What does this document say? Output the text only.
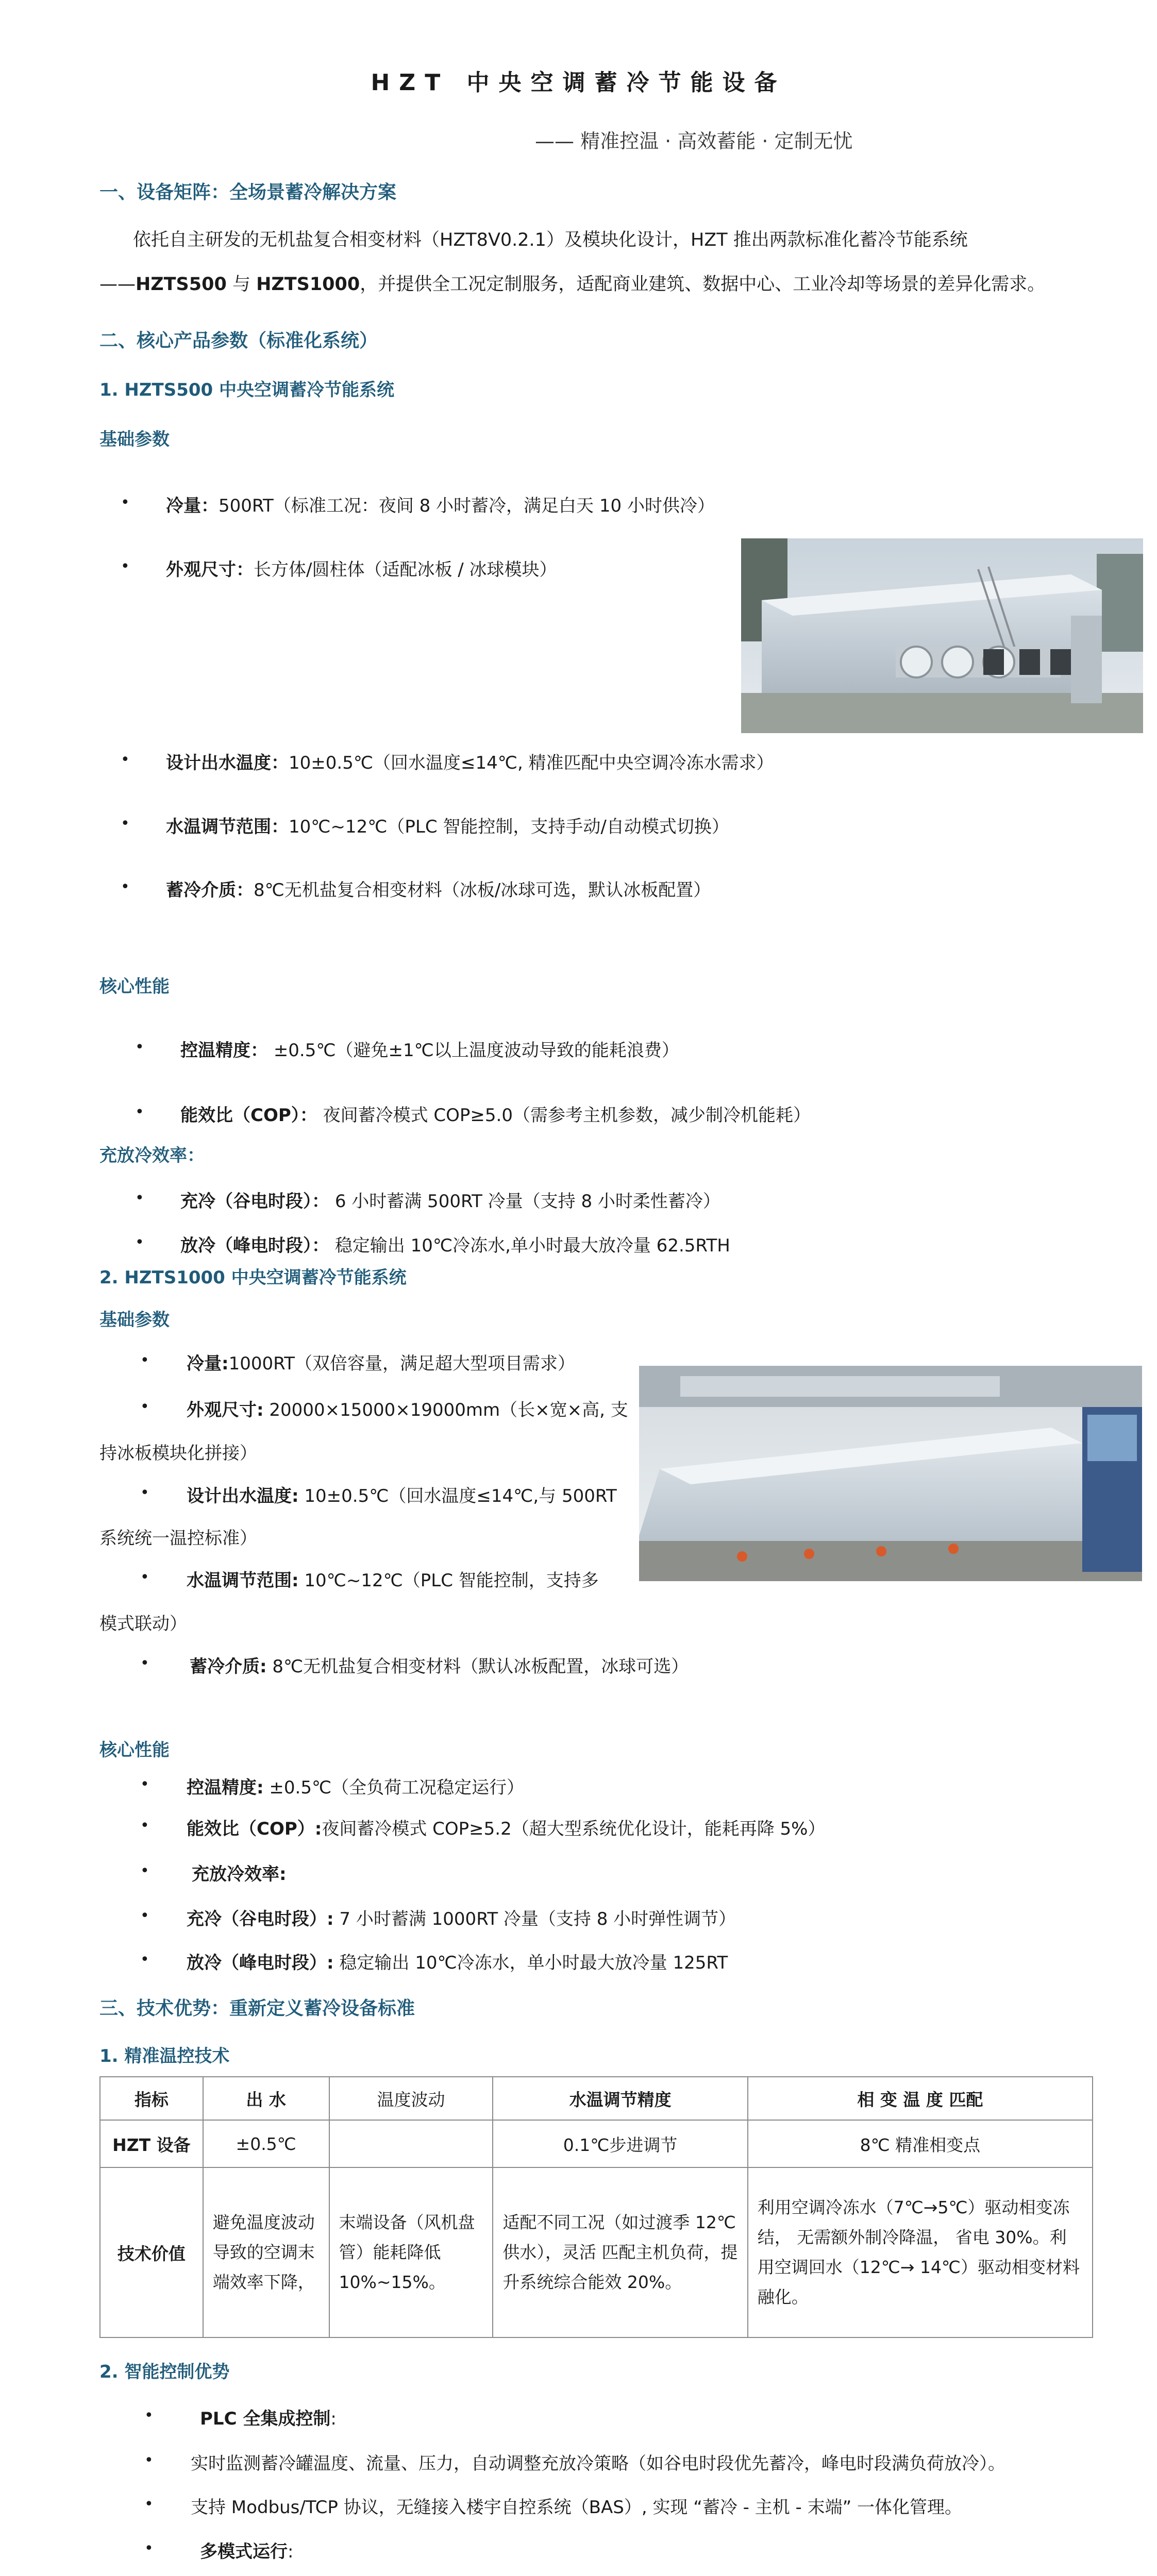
HZT 中央空调蓄冷节能设备
—— 精准控温 · 高效蓄能 · 定制无忧
一、设备矩阵：全场景蓄冷解决方案
依托自主研发的无机盐复合相变材料（HZT8V0.2.1）及模块化设计，HZT 推出两款标准化蓄冷节能系统
——HZTS500 与 HZTS1000，并提供全工况定制服务，适配商业建筑、数据中心、工业冷却等场景的差异化需求。
二、核心产品参数（标准化系统）
1. HZTS500 中央空调蓄冷节能系统
基础参数
• 冷量：500RT（标准工况：夜间 8 小时蓄冷，满足白天 10 小时供冷）
• 外观尺寸：长方体/圆柱体（适配冰板 / 冰球模块）
• 设计出水温度：10±0.5℃（回水温度≤14℃, 精准匹配中央空调冷冻水需求）
• 水温调节范围：10℃~12℃（PLC 智能控制，支持手动/自动模式切换）
• 蓄冷介质：8℃无机盐复合相变材料（冰板/冰球可选，默认冰板配置）
核心性能
• 控温精度： ±0.5℃（避免±1℃以上温度波动导致的能耗浪费）
• 能效比（COP）： 夜间蓄冷模式 COP≥5.0（需参考主机参数，减少制冷机能耗）
充放冷效率：
• 充冷（谷电时段）： 6 小时蓄满 500RT 冷量（支持 8 小时柔性蓄冷）
• 放冷（峰电时段）： 稳定输出 10℃冷冻水,单小时最大放冷量 62.5RTH
2. HZTS1000 中央空调蓄冷节能系统
基础参数
• 冷量:1000RT（双倍容量，满足超大型项目需求）
• 外观尺寸: 20000×15000×19000mm（长×宽×高, 支
持冰板模块化拼接）
• 设计出水温度: 10±0.5℃（回水温度≤14℃,与 500RT
系统统一温控标准）
• 水温调节范围: 10℃~12℃（PLC 智能控制，支持多
模式联动）
• 蓄冷介质: 8℃无机盐复合相变材料（默认冰板配置，冰球可选）
核心性能
• 控温精度: ±0.5℃（全负荷工况稳定运行）
• 能效比（COP）:夜间蓄冷模式 COP≥5.2（超大型系统优化设计，能耗再降 5%）
• 充放冷效率:
• 充冷（谷电时段）: 7 小时蓄满 1000RT 冷量（支持 8 小时弹性调节）
• 放冷（峰电时段）: 稳定输出 10℃冷冻水，单小时最大放冷量 125RT
三、技术优势：重新定义蓄冷设备标准
1. 精准温控技术
指标	出 水	温度波动	水温调节精度	相 变 温 度 匹配
HZT 设备	±0.5℃		0.1℃步进调节	8℃ 精准相变点
技术价值	避免温度波动导致的空调末端效率下降，	末端设备（风机盘管）能耗降低 10%~15%。	适配不同工况（如过渡季 12℃供水），灵活 匹配主机负荷，提升系统综合能效 20%。	利用空调冷冻水（7℃→5℃）驱动相变冻结， 无需额外制冷降温， 省电 30%。利用空调回水（12℃→ 14℃）驱动相变材料融化。
2. 智能控制优势
•	PLC 全集成控制:
• 实时监测蓄冷罐温度、流量、压力，自动调整充放冷策略（如谷电时段优先蓄冷，峰电时段满负荷放冷）。
• 支持 Modbus/TCP 协议，无缝接入楼宇自控系统（BAS）, 实现 “蓄冷 - 主机 - 末端” 一体化管理。
•	多模式运行:
